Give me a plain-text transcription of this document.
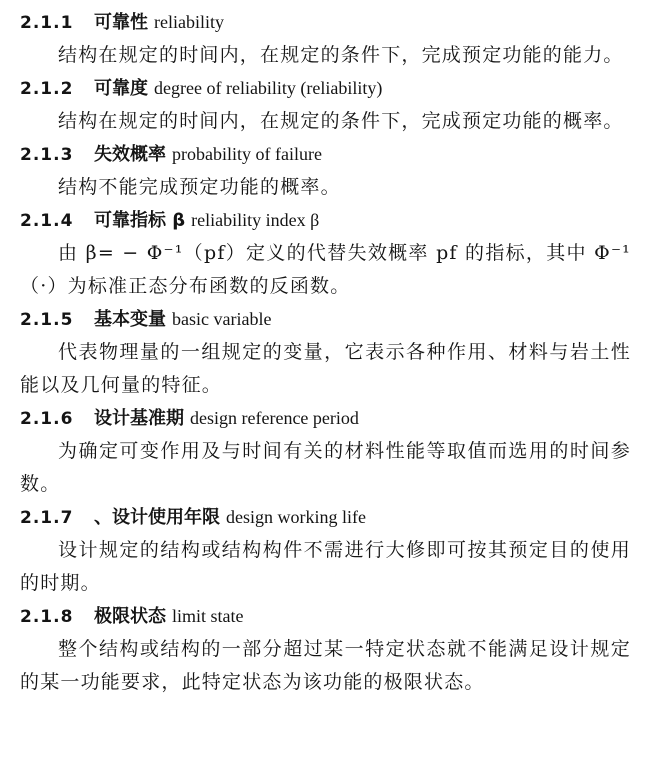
2.1.1 可靠性 reliability

结构在规定的时间内，在规定的条件下，完成预定功能的能力。

2.1.2 可靠度 degree of reliability (reliability)

结构在规定的时间内，在规定的条件下，完成预定功能的概率。

2.1.3 失效概率 probability of failure

结构不能完成预定功能的概率。

2.1.4 可靠指标 β reliability index β

由 β= − Φ⁻¹（pf）定义的代替失效概率 pf 的指标，其中 Φ⁻¹（·）为标准正态分布函数的反函数。

2.1.5 基本变量 basic variable

代表物理量的一组规定的变量，它表示各种作用、材料与岩土性能以及几何量的特征。

2.1.6 设计基准期 design reference period

为确定可变作用及与时间有关的材料性能等取值而选用的时间参数。

2.1.7 、设计使用年限 design working life

设计规定的结构或结构构件不需进行大修即可按其预定目的使用的时期。

2.1.8 极限状态 limit state

整个结构或结构的一部分超过某一特定状态就不能满足设计规定的某一功能要求，此特定状态为该功能的极限状态。
